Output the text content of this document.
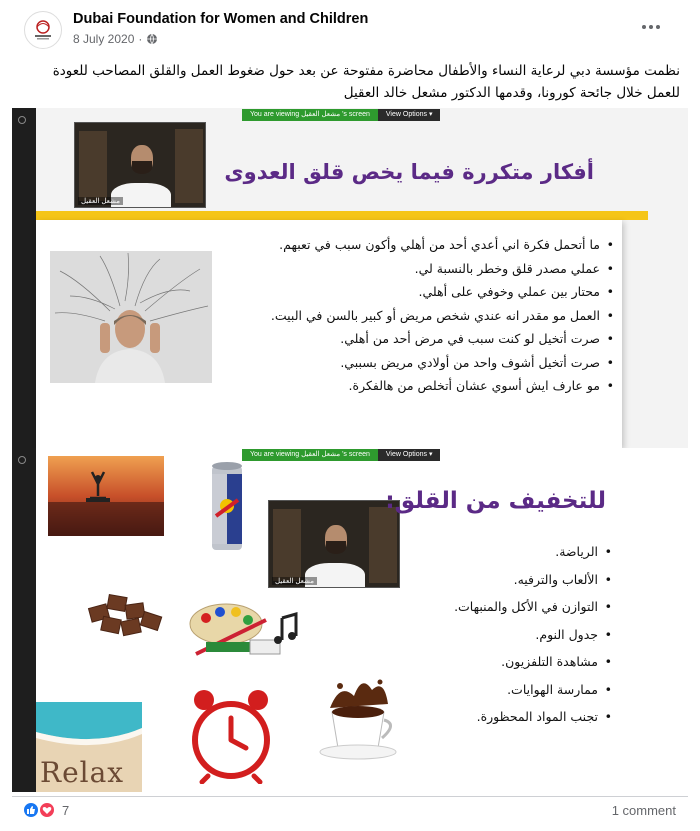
Dubai Foundation for Women and Children
8 July 2020 ·
نظمت مؤسسة دبي لرعاية النساء والأطفال محاضرة مفتوحة عن بعد حول ضغوط العمل والقلق المصاحب للعودة للعمل خلال جائحة كورونا، وقدمها الدكتور مشعل خالد العقيل
You are viewing مشعل العقيل 's screen	View Options ▾
مشعل العقيل
أفكار متكررة فيما يخص قلق العدوى
• ما أتحمل فكرة اني أعدي أحد من أهلي وأكون سبب في تعبهم.
• عملي مصدر قلق وخطر بالنسبة لي.
• محتار بين عملي وخوفي على أهلي.
• العمل مو مقدر انه عندي شخص مريض أو كبير بالسن في البيت.
• صرت أتخيل لو كنت سبب في مرض أحد من أهلي.
• صرت أتخيل أشوف واحد من أولادي مريض بسببي.
• مو عارف ايش أسوي عشان أتخلص من هالفكرة.
You are viewing مشعل العقيل 's screen	View Options ▾
مشعل العقيل
للتخفيف من القلق:
• الرياضة.
• الألعاب والترفيه.
• التوازن في الأكل والمنبهات.
• جدول النوم.
• مشاهدة التلفزيون.
• ممارسة الهوايات.
• تجنب المواد المحظورة.
Relax
7	1 comment
